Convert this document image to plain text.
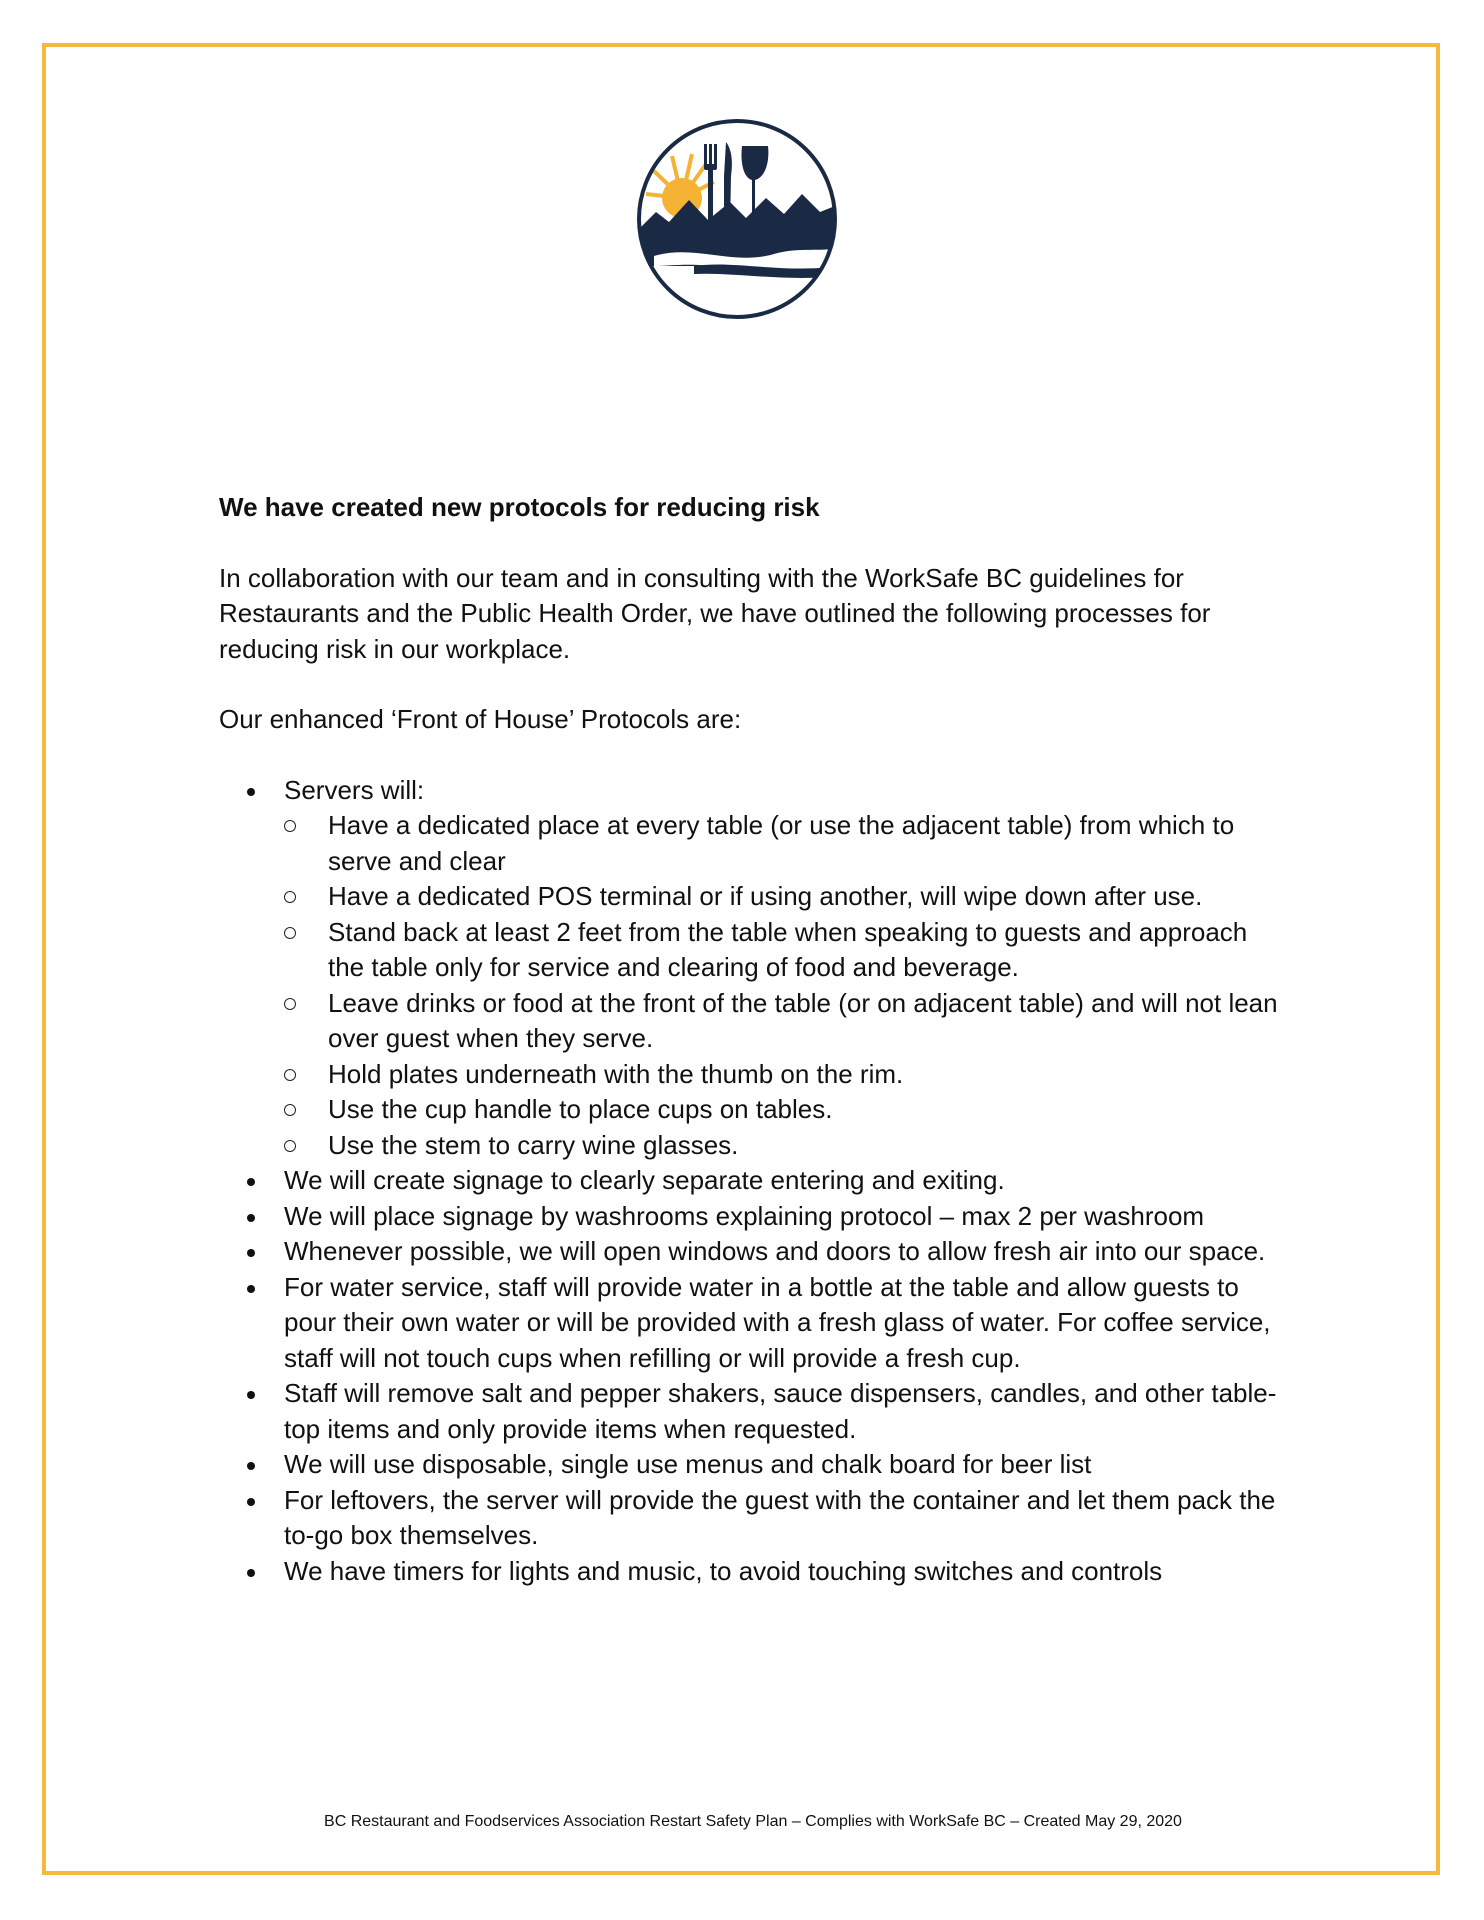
We have created new protocols for reducing risk

In collaboration with our team and in consulting with the WorkSafe BC guidelines for Restaurants and the Public Health Order, we have outlined the following processes for reducing risk in our workplace.

Our enhanced ‘Front of House’ Protocols are:

Servers will:
Have a dedicated place at every table (or use the adjacent table) from which to serve and clear
Have a dedicated POS terminal or if using another, will wipe down after use.
Stand back at least 2 feet from the table when speaking to guests and approach the table only for service and clearing of food and beverage.
Leave drinks or food at the front of the table (or on adjacent table) and will not lean over guest when they serve.
Hold plates underneath with the thumb on the rim.
Use the cup handle to place cups on tables.
Use the stem to carry wine glasses.
We will create signage to clearly separate entering and exiting.
We will place signage by washrooms explaining protocol – max 2 per washroom
Whenever possible, we will open windows and doors to allow fresh air into our space.
For water service, staff will provide water in a bottle at the table and allow guests to pour their own water or will be provided with a fresh glass of water. For coffee service, staff will not touch cups when refilling or will provide a fresh cup.
Staff will remove salt and pepper shakers, sauce dispensers, candles, and other table-top items and only provide items when requested.
We will use disposable, single use menus and chalk board for beer list
For leftovers, the server will provide the guest with the container and let them pack the to-go box themselves.
We have timers for lights and music, to avoid touching switches and controls
BC Restaurant and Foodservices Association Restart Safety Plan – Complies with WorkSafe BC – Created May 29, 2020
